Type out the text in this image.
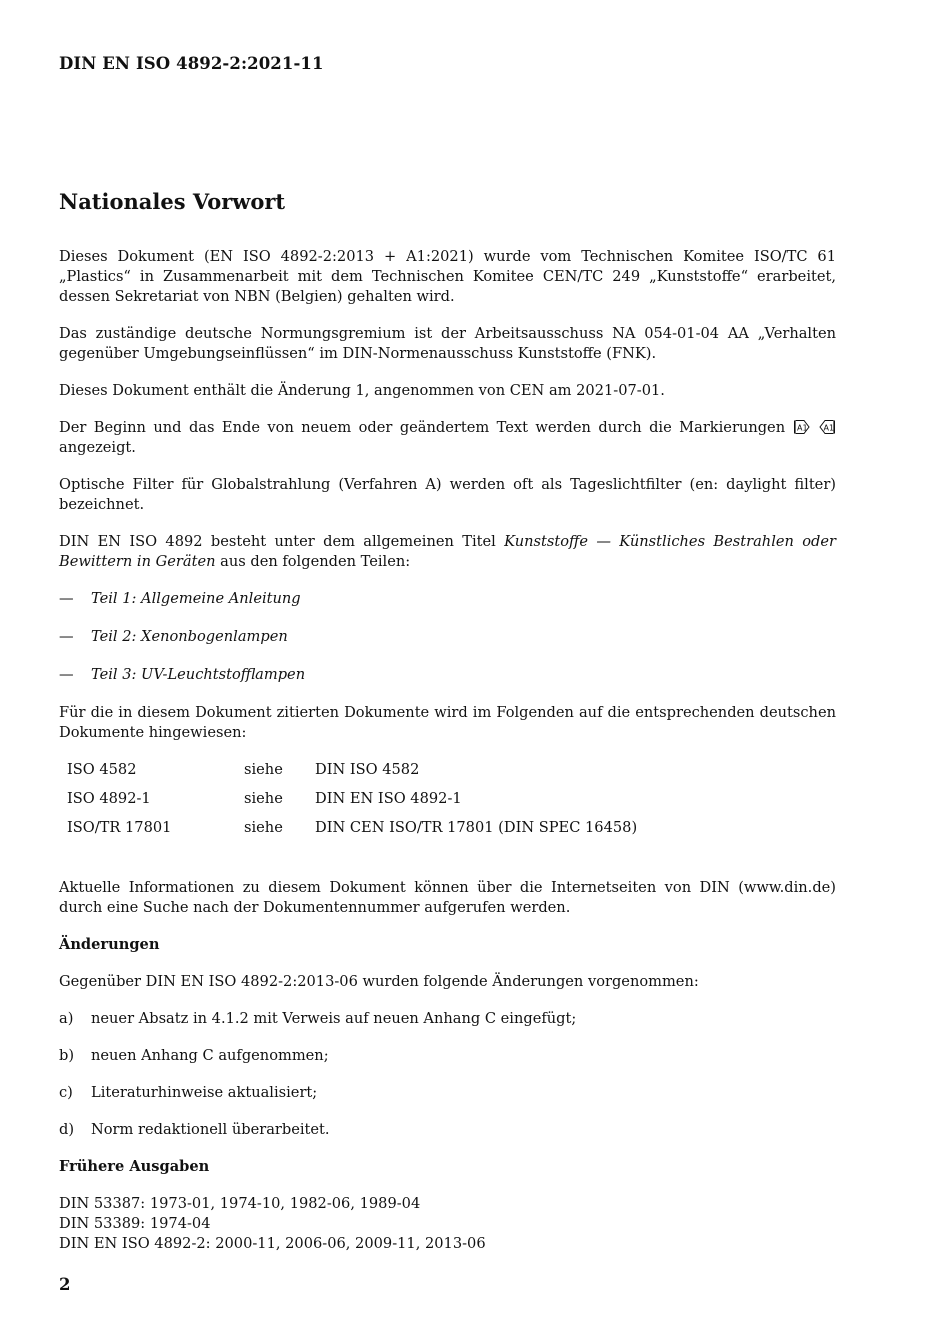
DIN EN ISO 4892-2:2021-11
Nationales Vorwort

Dieses Dokument (EN ISO 4892-2:2013 + A1:2021) wurde vom Technischen Komitee ISO/TC 61 „Plastics“ in Zusammenarbeit mit dem Technischen Komitee CEN/TC 249 „Kunststoffe“ erarbeitet, dessen Sekretariat von NBN (Belgien) gehalten wird.

Das zuständige deutsche Normungsgremium ist der Arbeitsausschuss NA 054-01-04 AA „Verhalten gegenüber Umgebungseinflüssen“ im DIN-Normenausschuss Kunststoffe (FNK).

Dieses Dokument enthält die Änderung 1, angenommen von CEN am 2021-07-01.

Der Beginn und das Ende von neuem oder geändertem Text werden durch die Markierungen A1
A1
angezeigt.

Optische Filter für Globalstrahlung (Verfahren A) werden oft als Tageslichtfilter (en: daylight filter) bezeichnet.

DIN EN ISO 4892 besteht unter dem allgemeinen Titel Kunststoffe — Künstliches Bestrahlen oder Bewittern in Geräten aus den folgenden Teilen:

—	Teil 1: Allgemeine Anleitung
—	Teil 2: Xenonbogenlampen
—	Teil 3: UV-Leuchtstofflampen

Für die in diesem Dokument zitierten Dokumente wird im Folgenden auf die entsprechenden deutschen Dokumente hingewiesen:

ISO 4582	siehe	DIN ISO 4582
ISO 4892-1	siehe	DIN EN ISO 4892-1
ISO/TR 17801	siehe	DIN CEN ISO/TR 17801 (DIN SPEC 16458)

Aktuelle Informationen zu diesem Dokument können über die Internetseiten von DIN (www.din.de) durch eine Suche nach der Dokumentennummer aufgerufen werden.

Änderungen

Gegenüber DIN EN ISO 4892-2:2013-06 wurden folgende Änderungen vorgenommen:

a)	neuer Absatz in 4.1.2 mit Verweis auf neuen Anhang C eingefügt;
b)	neuen Anhang C aufgenommen;
c)	Literaturhinweise aktualisiert;
d)	Norm redaktionell überarbeitet.
Frühere Ausgaben
DIN 53387: 1973-01, 1974-10, 1982-06, 1989-04
DIN 53389: 1974-04
DIN EN ISO 4892-2: 2000-11, 2006-06, 2009-11, 2013-06
2
